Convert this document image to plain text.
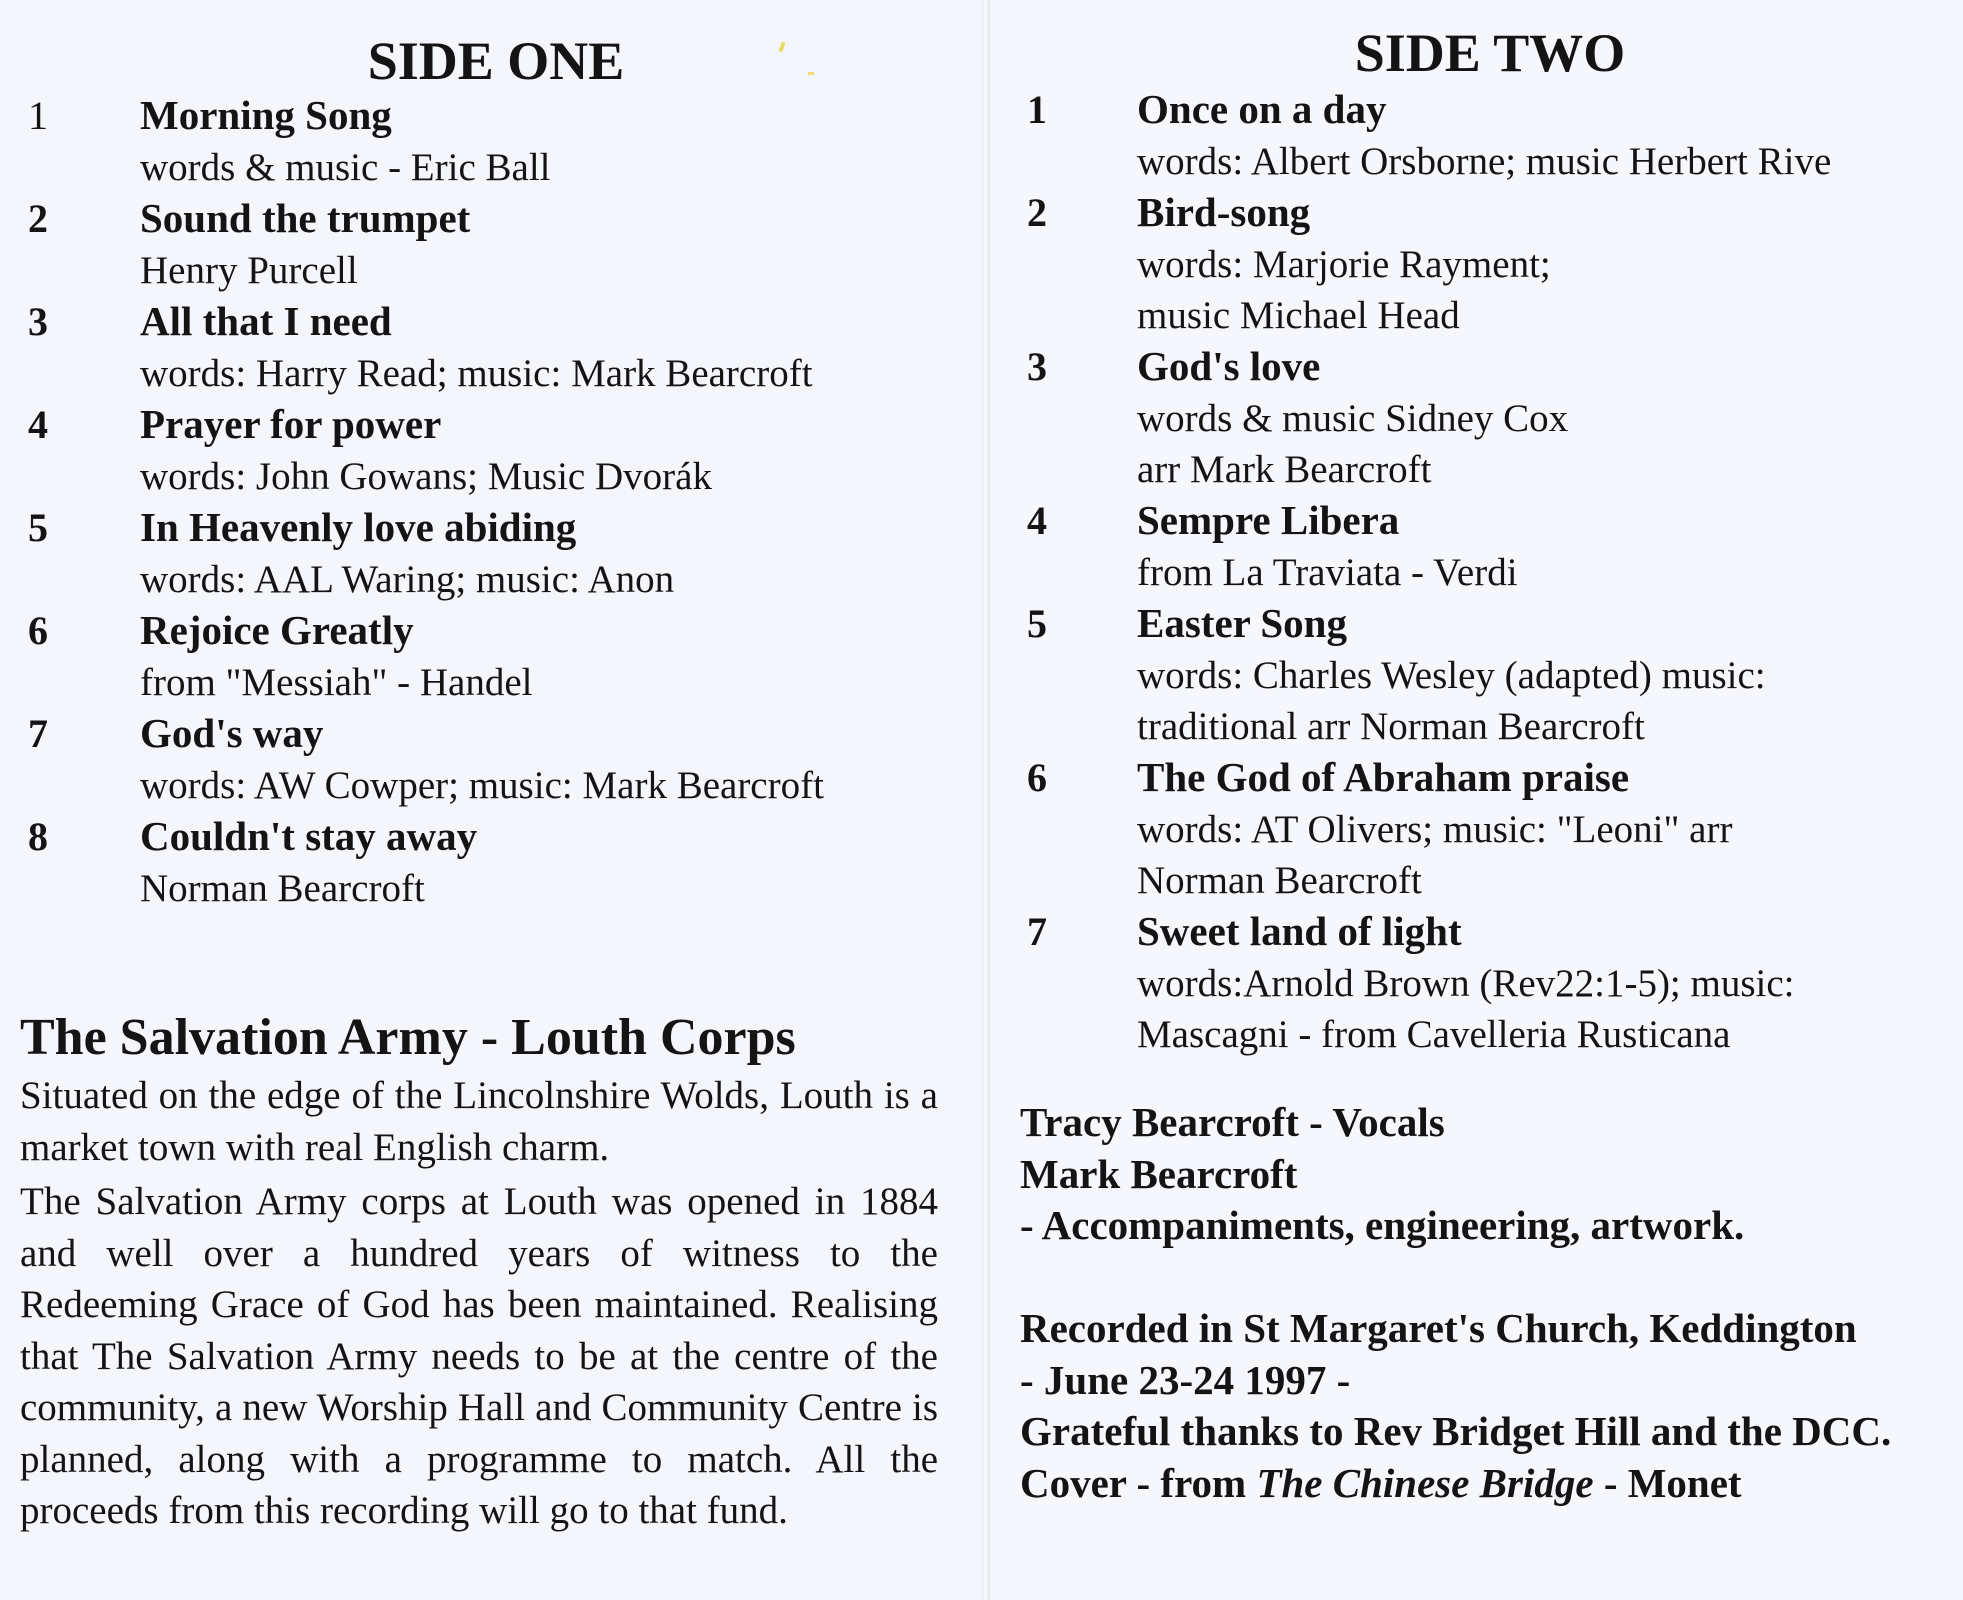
SIDE ONE
1 Morning Song
words & music - Eric Ball
2 Sound the trumpet
Henry Purcell
3 All that I need
words: Harry Read; music: Mark Bearcroft
4 Prayer for power
words: John Gowans; Music Dvorák
5 In Heavenly love abiding
words: AAL Waring; music: Anon
6 Rejoice Greatly
from "Messiah" - Handel
7 God's way
words: AW Cowper; music: Mark Bearcroft
8 Couldn't stay away
Norman Bearcroft
The Salvation Army - Louth Corps

Situated on the edge of the Lincolnshire Wolds, Louth is a market town with real English charm.

The Salvation Army corps at Louth was opened in 1884 and well over a hundred years of witness to the Redeeming Grace of God has been maintained. Realising that The Salvation Army needs to be at the centre of the community, a new Worship Hall and Community Centre is planned, along with a programme to match. All the proceeds from this recording will go to that fund.

SIDE TWO
1 Once on a day
words: Albert Orsborne; music Herbert Rive
2 Bird-song
words: Marjorie Rayment;
music Michael Head
3 God's love
words & music Sidney Cox
arr Mark Bearcroft
4 Sempre Libera
from La Traviata - Verdi
5 Easter Song
words: Charles Wesley (adapted) music:
traditional arr Norman Bearcroft
6 The God of Abraham praise
words: AT Olivers; music: "Leoni" arr
Norman Bearcroft
7 Sweet land of light
words:Arnold Brown (Rev22:1-5); music:
Mascagni - from Cavelleria Rusticana

Tracy Bearcroft - Vocals

Mark Bearcroft

- Accompaniments, engineering, artwork.

Recorded in St Margaret's Church, Keddington

- June 23-24 1997 -

Grateful thanks to Rev Bridget Hill and the DCC.

Cover - from The Chinese Bridge - Monet
